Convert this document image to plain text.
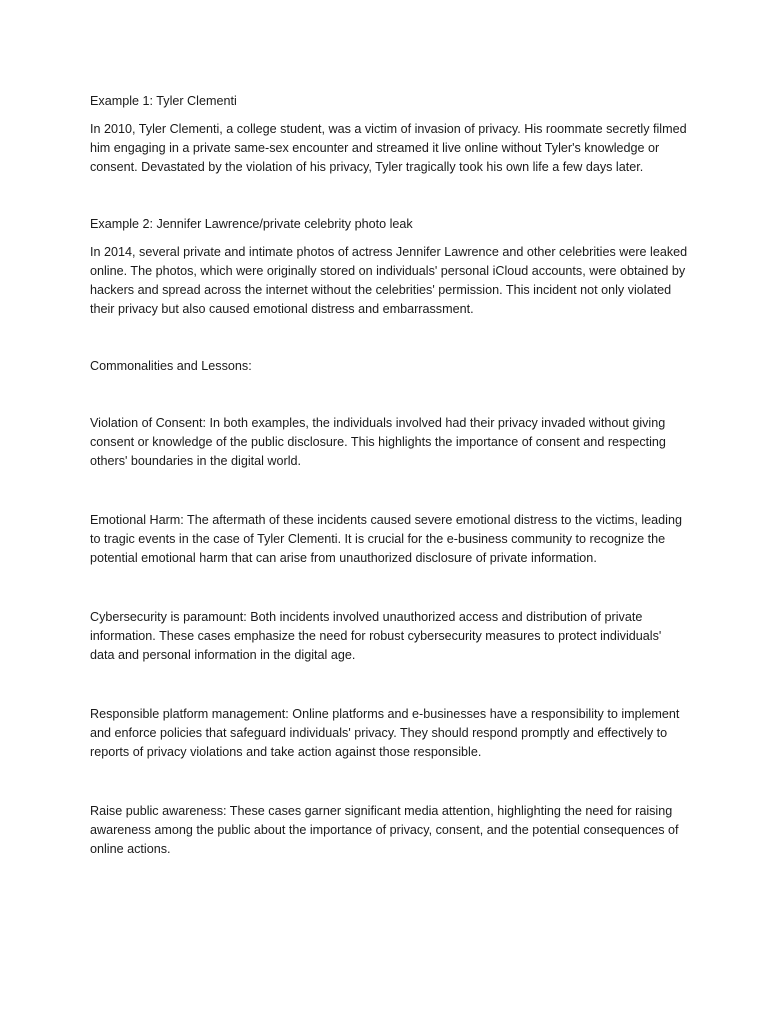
Example 1: Tyler Clementi

In 2010, Tyler Clementi, a college student, was a victim of invasion of privacy. His roommate secretly filmed him engaging in a private same-sex encounter and streamed it live online without Tyler's knowledge or consent. Devastated by the violation of his privacy, Tyler tragically took his own life a few days later.

Example 2: Jennifer Lawrence/private celebrity photo leak

In 2014, several private and intimate photos of actress Jennifer Lawrence and other celebrities were leaked online. The photos, which were originally stored on individuals' personal iCloud accounts, were obtained by hackers and spread across the internet without the celebrities' permission. This incident not only violated their privacy but also caused emotional distress and embarrassment.

Commonalities and Lessons:

Violation of Consent: In both examples, the individuals involved had their privacy invaded without giving consent or knowledge of the public disclosure. This highlights the importance of consent and respecting others' boundaries in the digital world.

Emotional Harm: The aftermath of these incidents caused severe emotional distress to the victims, leading to tragic events in the case of Tyler Clementi. It is crucial for the e-business community to recognize the potential emotional harm that can arise from unauthorized disclosure of private information.

Cybersecurity is paramount: Both incidents involved unauthorized access and distribution of private information. These cases emphasize the need for robust cybersecurity measures to protect individuals' data and personal information in the digital age.

Responsible platform management: Online platforms and e-businesses have a responsibility to implement and enforce policies that safeguard individuals' privacy. They should respond promptly and effectively to reports of privacy violations and take action against those responsible.

Raise public awareness: These cases garner significant media attention, highlighting the need for raising awareness among the public about the importance of privacy, consent, and the potential consequences of online actions.
